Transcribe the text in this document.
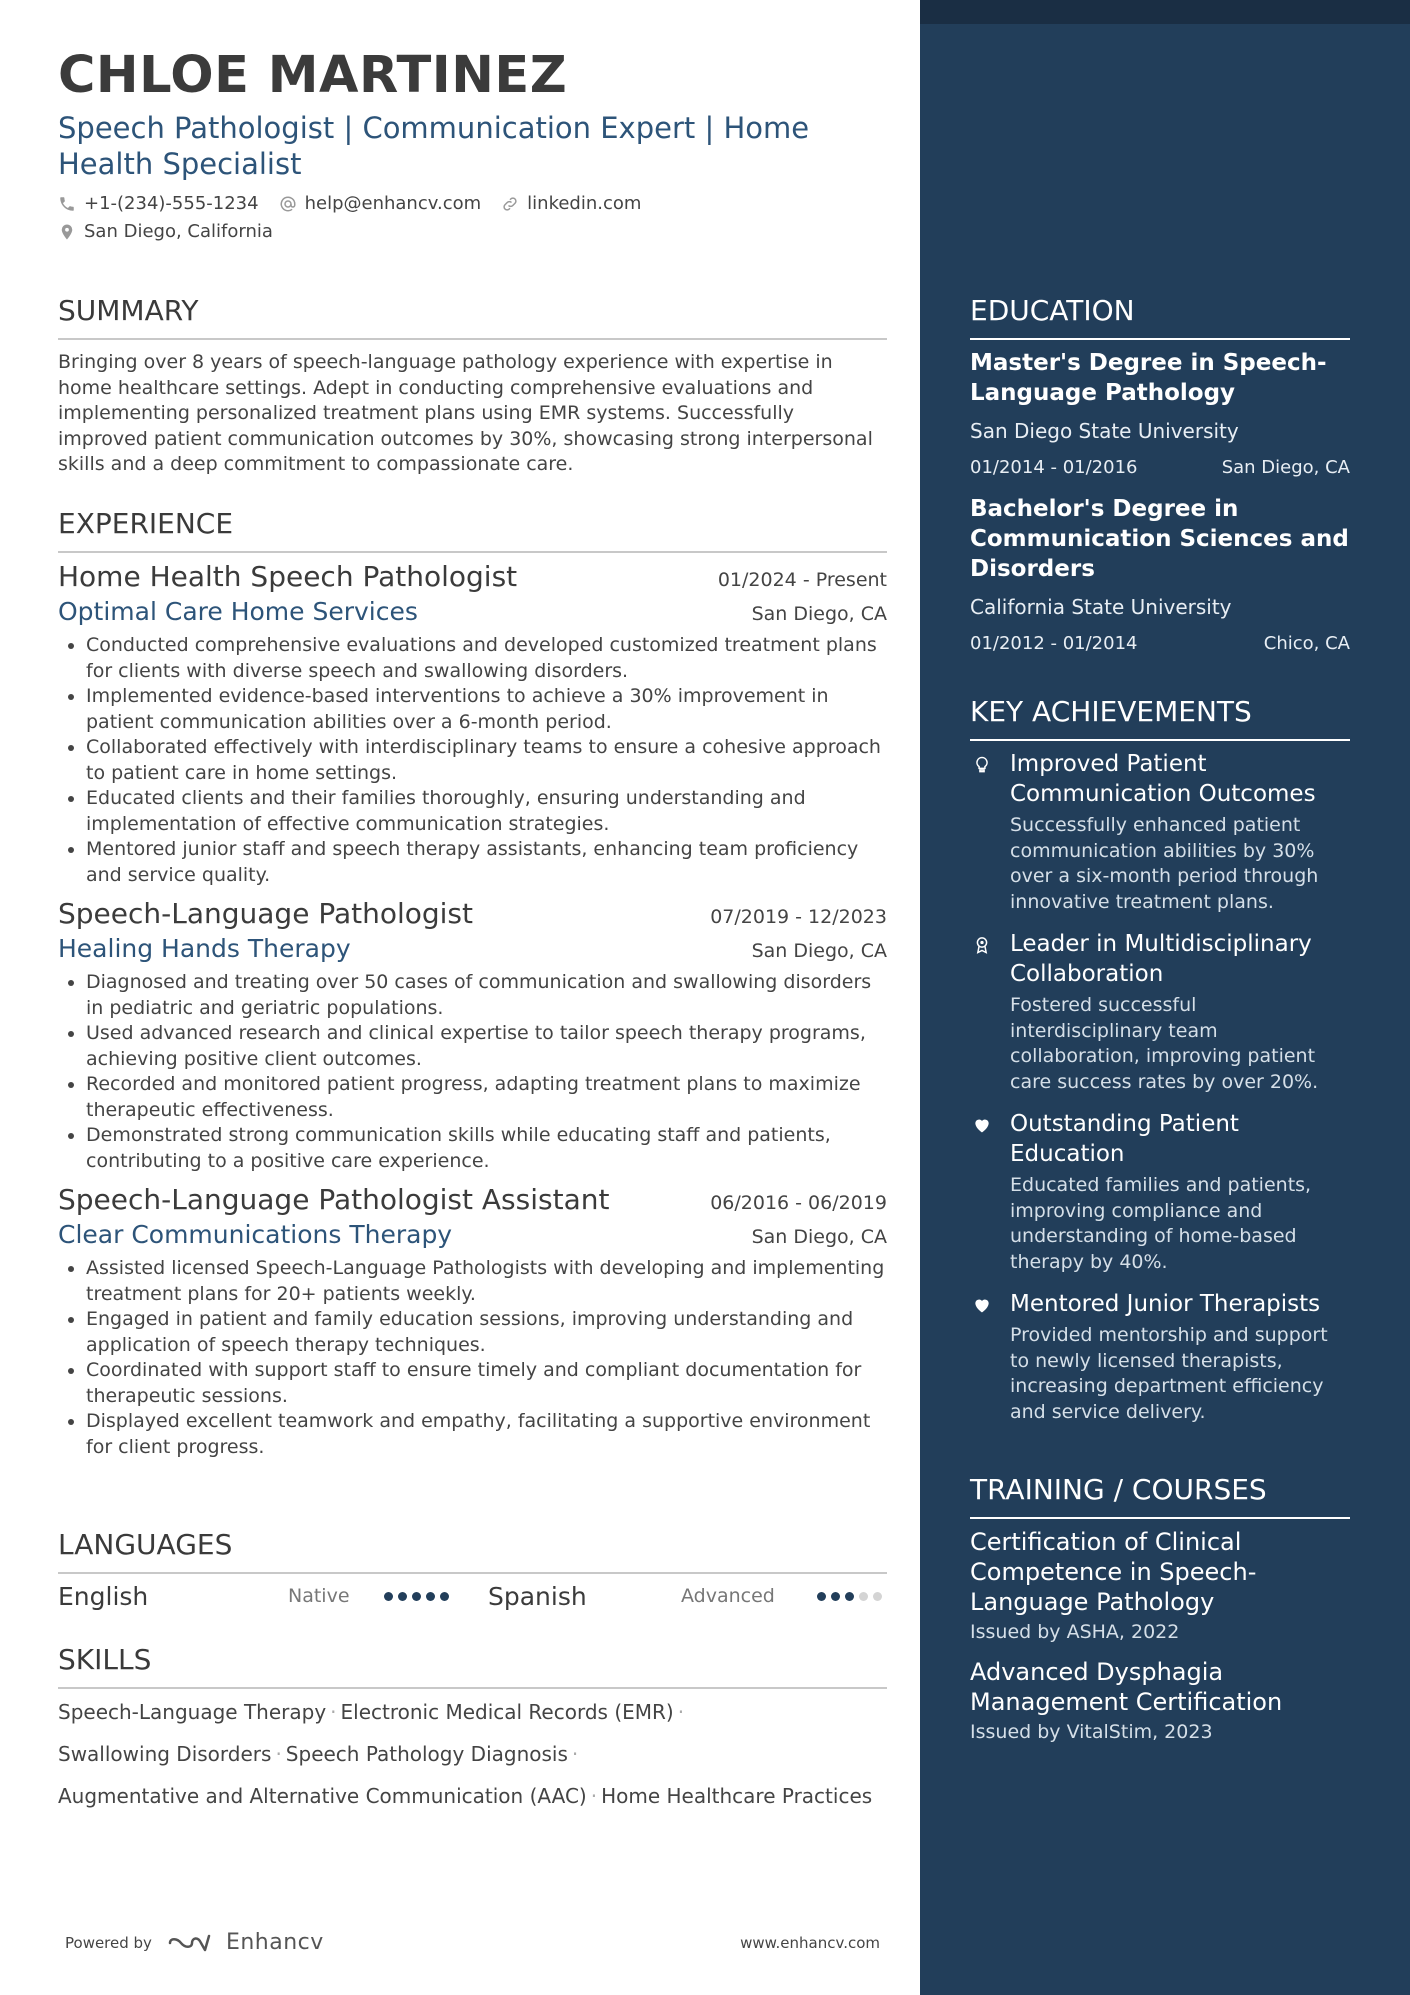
CHLOE MARTINEZ
Speech Pathologist | Communication Expert | Home Health Specialist
+1-(234)-555-1234	help@enhancv.com	linkedin.com
San Diego, California
SUMMARY
Bringing over 8 years of speech-language pathology experience with expertise in home healthcare settings. Adept in conducting comprehensive evaluations and implementing personalized treatment plans using EMR systems. Successfully improved patient communication outcomes by 30%, showcasing strong interpersonal skills and a deep commitment to compassionate care.
EXPERIENCE
Home Health Speech Pathologist	01/2024 - Present
Optimal Care Home Services	San Diego, CA
• Conducted comprehensive evaluations and developed customized treatment plans for clients with diverse speech and swallowing disorders.
• Implemented evidence-based interventions to achieve a 30% improvement in patient communication abilities over a 6-month period.
• Collaborated effectively with interdisciplinary teams to ensure a cohesive approach to patient care in home settings.
• Educated clients and their families thoroughly, ensuring understanding and implementation of effective communication strategies.
• Mentored junior staff and speech therapy assistants, enhancing team proficiency and service quality.
Speech-Language Pathologist	07/2019 - 12/2023
Healing Hands Therapy	San Diego, CA
• Diagnosed and treating over 50 cases of communication and swallowing disorders in pediatric and geriatric populations.
• Used advanced research and clinical expertise to tailor speech therapy programs, achieving positive client outcomes.
• Recorded and monitored patient progress, adapting treatment plans to maximize therapeutic effectiveness.
• Demonstrated strong communication skills while educating staff and patients, contributing to a positive care experience.
Speech-Language Pathologist Assistant	06/2016 - 06/2019
Clear Communications Therapy	San Diego, CA
• Assisted licensed Speech-Language Pathologists with developing and implementing treatment plans for 20+ patients weekly.
• Engaged in patient and family education sessions, improving understanding and application of speech therapy techniques.
• Coordinated with support staff to ensure timely and compliant documentation for therapeutic sessions.
• Displayed excellent teamwork and empathy, facilitating a supportive environment for client progress.
LANGUAGES
English	Native	Spanish	Advanced
SKILLS
Speech-Language Therapy · Electronic Medical Records (EMR) ·
Swallowing Disorders · Speech Pathology Diagnosis ·
Augmentative and Alternative Communication (AAC) · Home Healthcare Practices
Powered by	Enhancv	www.enhancv.com
EDUCATION
Master's Degree in Speech-Language Pathology
San Diego State University
01/2014 - 01/2016	San Diego, CA
Bachelor's Degree in Communication Sciences and Disorders
California State University
01/2012 - 01/2014	Chico, CA
KEY ACHIEVEMENTS
Improved Patient Communication Outcomes
Successfully enhanced patient communication abilities by 30% over a six-month period through innovative treatment plans.
Leader in Multidisciplinary Collaboration
Fostered successful interdisciplinary team collaboration, improving patient care success rates by over 20%.
Outstanding Patient Education
Educated families and patients, improving compliance and understanding of home-based therapy by 40%.
Mentored Junior Therapists
Provided mentorship and support to newly licensed therapists, increasing department efficiency and service delivery.
TRAINING / COURSES
Certification of Clinical Competence in Speech-Language Pathology
Issued by ASHA, 2022
Advanced Dysphagia Management Certification
Issued by VitalStim, 2023
